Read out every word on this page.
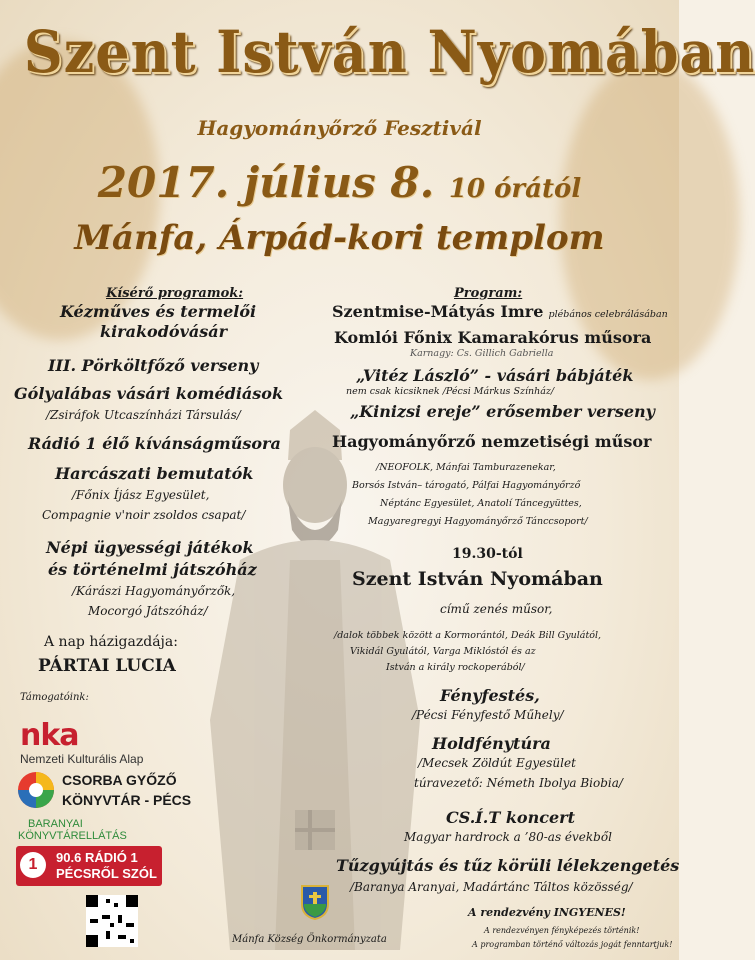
Szent István Nyomában
Hagyományőrző Fesztivál
2017. július 8. 10 órától
Mánfa, Árpád-kori templom
Kísérő programok:
Kézműves és termelői
kirakodóvásár
III. Pörköltfőző verseny
Gólyalábas vásári komédiások
/Zsiráfok Utcaszínházi Társulás/
Rádió 1 élő kívánságműsora
Harcászati bemutatók
/Főnix Íjász Egyesület,
Compagnie v'noir zsoldos csapat/
Népi ügyességi játékok
és történelmi játszóház
/Kárászi Hagyományőrzők,
Mocorgó Játszóház/
A nap házigazdája:
PÁRTAI LUCIA
Támogatóink:
nka
Nemzeti Kulturális Alap
CSORBA GYŐZŐ
KÖNYVTÁR - PÉCS
BARANYAI
KÖNYVTÁRELLÁTÁS
1	90.6 RÁDIÓ 1
PÉCSRŐL SZÓL
Program:
Szentmise-Mátyás Imre plébános celebrálásában
Komlói Főnix Kamarakórus műsora
Karnagy: Cs. Gillich Gabriella
„Vitéz László” - vásári bábjáték
nem csak kicsiknek /Pécsi Márkus Színház/
„Kinizsi ereje” erősember verseny
Hagyományőrző nemzetiségi műsor
/NEOFOLK, Mánfai Tamburazenekar,
Borsós István– tárogató, Pálfai Hagyományőrző
Néptánc Egyesület, Anatolí Táncegyüttes,
Magyaregregyi Hagyományőrző Tánccsoport/
19.30-tól
Szent István Nyomában
című zenés műsor,
/dalok többek között a Kormorántól, Deák Bill Gyulától,
Vikidál Gyulától, Varga Miklóstól és az
István a király rockoperából/
Fényfestés,
/Pécsi Fényfestő Műhely/
Holdfénytúra
/Mecsek Zöldút Egyesület
túravezető: Németh Ibolya Biobia/
CS.Í.T koncert
Magyar hardrock a ’80-as évekből
Tűzgyújtás és tűz körüli lélekzengetés
/Baranya Aranyai, Madártánc Táltos közösség/
A rendezvény INGYENES!
A rendezvényen fényképezés történik!
A programban történő változás jogát fenntartjuk!
Mánfa Község Önkormányzata
